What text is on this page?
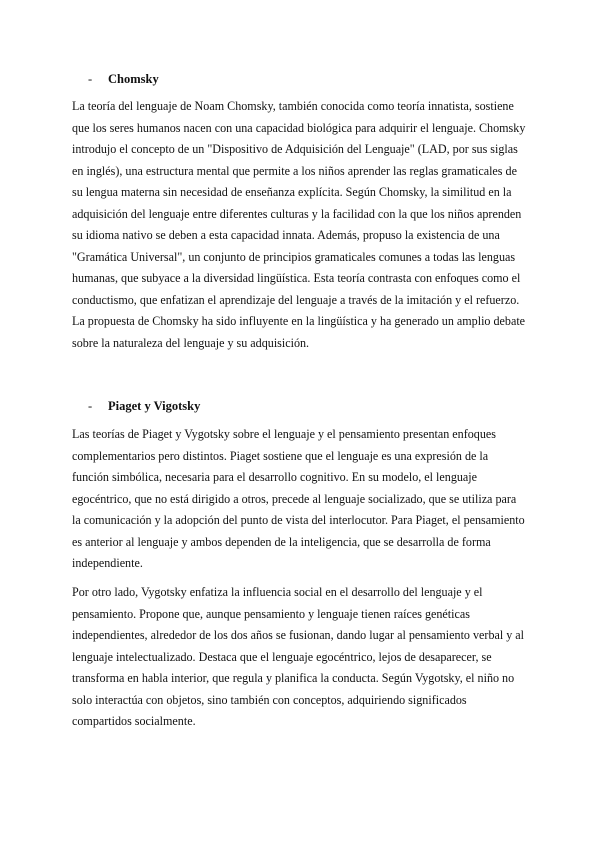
- Chomsky
La teoría del lenguaje de Noam Chomsky, también conocida como teoría innatista, sostiene
que los seres humanos nacen con una capacidad biológica para adquirir el lenguaje. Chomsky
introdujo el concepto de un "Dispositivo de Adquisición del Lenguaje" (LAD, por sus siglas
en inglés), una estructura mental que permite a los niños aprender las reglas gramaticales de
su lengua materna sin necesidad de enseñanza explícita. Según Chomsky, la similitud en la
adquisición del lenguaje entre diferentes culturas y la facilidad con la que los niños aprenden
su idioma nativo se deben a esta capacidad innata. Además, propuso la existencia de una
"Gramática Universal", un conjunto de principios gramaticales comunes a todas las lenguas
humanas, que subyace a la diversidad lingüística. Esta teoría contrasta con enfoques como el
conductismo, que enfatizan el aprendizaje del lenguaje a través de la imitación y el refuerzo.
La propuesta de Chomsky ha sido influyente en la lingüística y ha generado un amplio debate
sobre la naturaleza del lenguaje y su adquisición.
- Piaget y Vigotsky
Las teorías de Piaget y Vygotsky sobre el lenguaje y el pensamiento presentan enfoques
complementarios pero distintos. Piaget sostiene que el lenguaje es una expresión de la
función simbólica, necesaria para el desarrollo cognitivo. En su modelo, el lenguaje
egocéntrico, que no está dirigido a otros, precede al lenguaje socializado, que se utiliza para
la comunicación y la adopción del punto de vista del interlocutor. Para Piaget, el pensamiento
es anterior al lenguaje y ambos dependen de la inteligencia, que se desarrolla de forma
independiente.
Por otro lado, Vygotsky enfatiza la influencia social en el desarrollo del lenguaje y el
pensamiento. Propone que, aunque pensamiento y lenguaje tienen raíces genéticas
independientes, alrededor de los dos años se fusionan, dando lugar al pensamiento verbal y al
lenguaje intelectualizado. Destaca que el lenguaje egocéntrico, lejos de desaparecer, se
transforma en habla interior, que regula y planifica la conducta. Según Vygotsky, el niño no
solo interactúa con objetos, sino también con conceptos, adquiriendo significados
compartidos socialmente.
